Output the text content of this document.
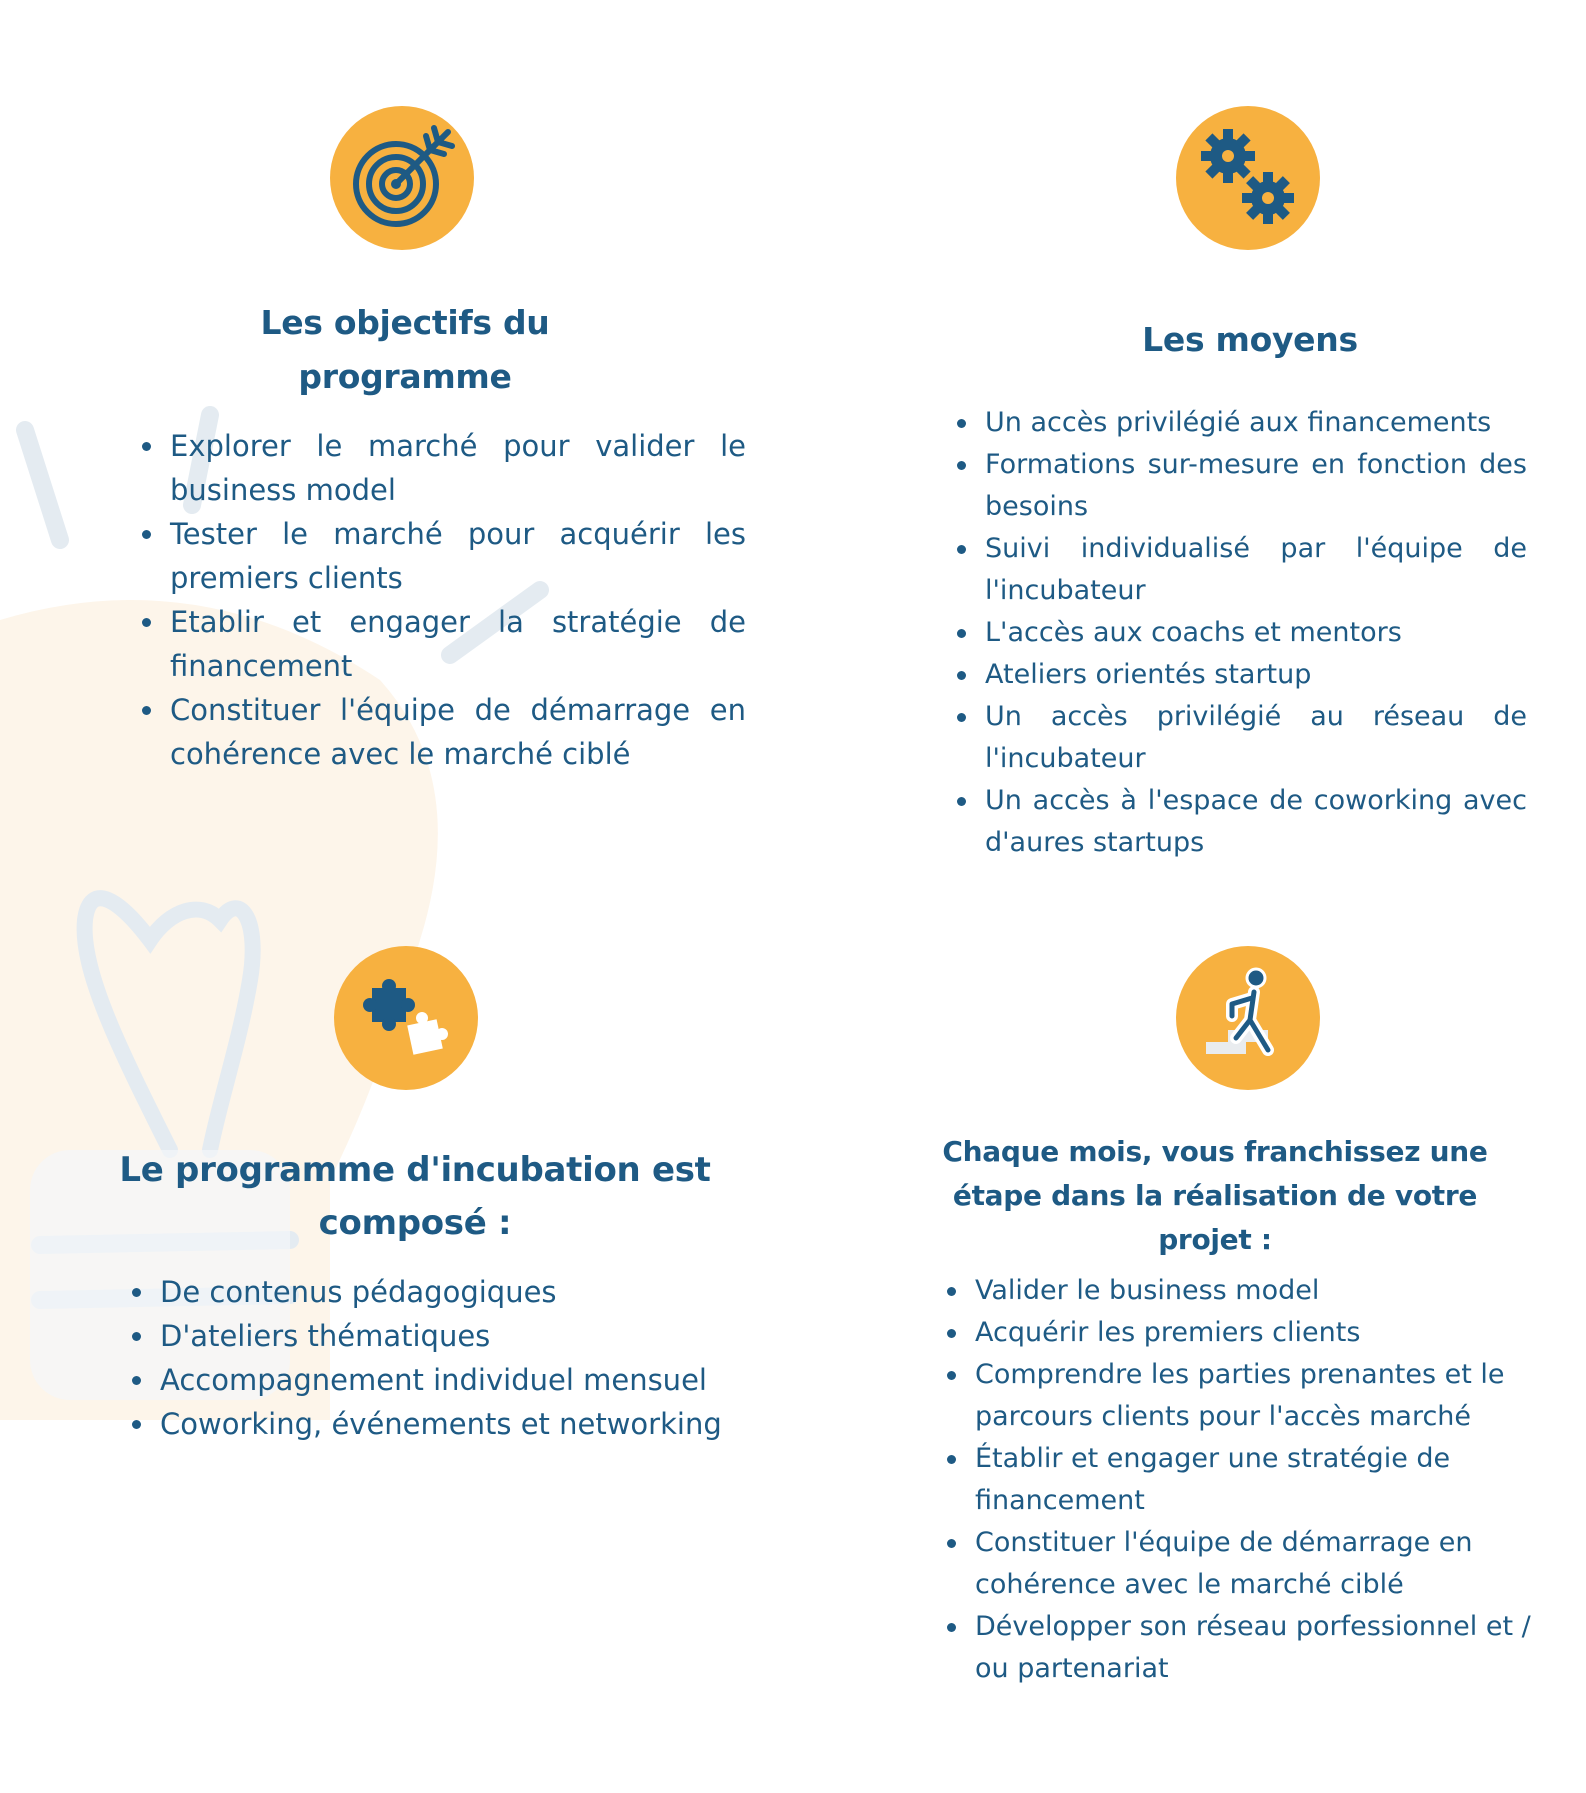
Les objectifs du
programme
Explorer le marché pour valider le business model
Tester le marché pour acquérir les premiers clients
Etablir et engager la stratégie de financement
Constituer l'équipe de démarrage en cohérence avec le marché ciblé
Les moyens
Un accès privilégié aux financements
Formations sur-mesure en fonction des besoins
Suivi individualisé par l'équipe de l'incubateur
L'accès aux coachs et mentors
Ateliers orientés startup
Un accès privilégié au réseau de l'incubateur
Un accès à l'espace de coworking avec d'aures startups
Le programme d'incubation est
composé :
De contenus pédagogiques
D'ateliers thématiques
Accompagnement individuel mensuel
Coworking, événements et networking
Chaque mois, vous franchissez une
étape dans la réalisation de votre
projet :
Valider le business model
Acquérir les premiers clients
Comprendre les parties prenantes et le parcours clients pour l'accès marché
Établir et engager une stratégie de financement
Constituer l'équipe de démarrage en cohérence avec le marché ciblé
Développer son réseau porfessionnel et / ou partenariat
